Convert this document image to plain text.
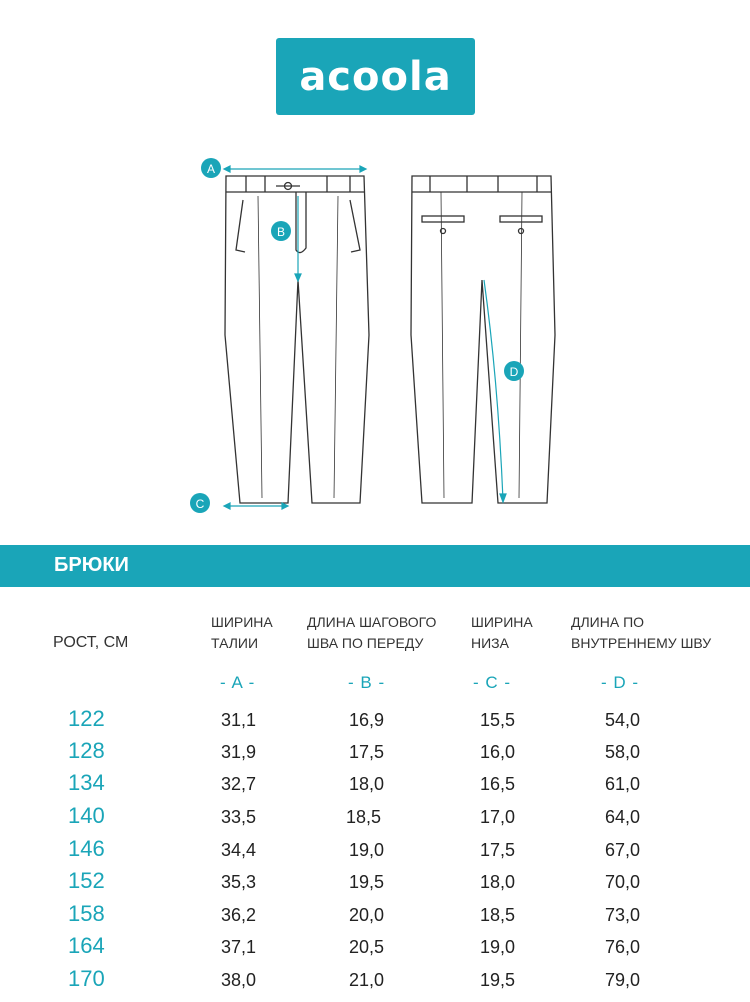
acoola
A
B
C
D
БРЮКИ
РОСТ, СМ
ШИРИНА
ТАЛИИ
ДЛИНА ШАГОВОГО
ШВА ПО ПЕРЕДУ
ШИРИНА
НИЗА
ДЛИНА ПО
ВНУТРЕННЕМУ ШВУ
- A -	- B -	- C -	- D -
122	31,1	16,9	15,5	54,0
128	31,9	17,5	16,0	58,0
134	32,7	18,0	16,5	61,0
140	33,5	18,5	17,0	64,0
146	34,4	19,0	17,5	67,0
152	35,3	19,5	18,0	70,0
158	36,2	20,0	18,5	73,0
164	37,1	20,5	19,0	76,0
170	38,0	21,0	19,5	79,0
